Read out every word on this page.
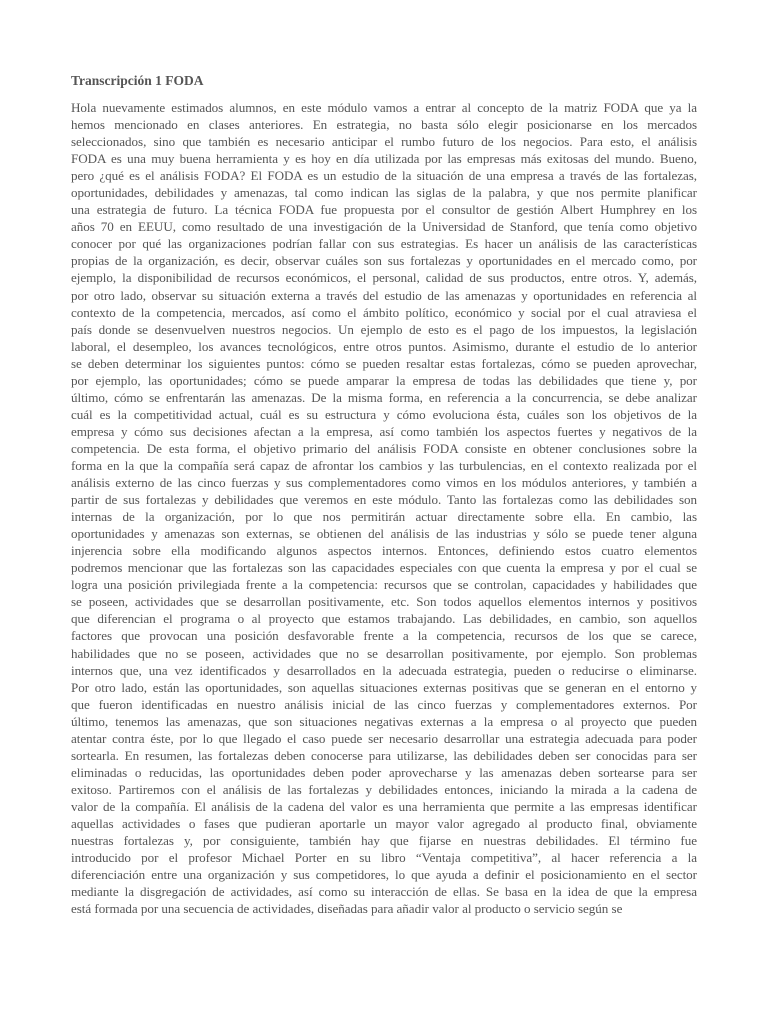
Transcripción 1 FODA
Hola nuevamente estimados alumnos, en este módulo vamos a entrar al concepto de la matriz FODA que ya la
hemos mencionado en clases anteriores. En estrategia, no basta sólo elegir posicionarse en los mercados
seleccionados, sino que también es necesario anticipar el rumbo futuro de los negocios. Para esto, el análisis
FODA es una muy buena herramienta y es hoy en día utilizada por las empresas más exitosas del mundo. Bueno,
pero ¿qué es el análisis FODA? El FODA es un estudio de la situación de una empresa a través de las fortalezas,
oportunidades, debilidades y amenazas, tal como indican las siglas de la palabra, y que nos permite planificar
una estrategia de futuro. La técnica FODA fue propuesta por el consultor de gestión Albert Humphrey en los
años 70 en EEUU, como resultado de una investigación de la Universidad de Stanford, que tenía como objetivo
conocer por qué las organizaciones podrían fallar con sus estrategias. Es hacer un análisis de las características
propias de la organización, es decir, observar cuáles son sus fortalezas y oportunidades en el mercado como, por
ejemplo, la disponibilidad de recursos económicos, el personal, calidad de sus productos, entre otros. Y, además,
por otro lado, observar su situación externa a través del estudio de las amenazas y oportunidades en referencia al
contexto de la competencia, mercados, así como el ámbito político, económico y social por el cual atraviesa el
país donde se desenvuelven nuestros negocios. Un ejemplo de esto es el pago de los impuestos, la legislación
laboral, el desempleo, los avances tecnológicos, entre otros puntos. Asimismo, durante el estudio de lo anterior
se deben determinar los siguientes puntos: cómo se pueden resaltar estas fortalezas, cómo se pueden aprovechar,
por ejemplo, las oportunidades; cómo se puede amparar la empresa de todas las debilidades que tiene y, por
último, cómo se enfrentarán las amenazas. De la misma forma, en referencia a la concurrencia, se debe analizar
cuál es la competitividad actual, cuál es su estructura y cómo evoluciona ésta, cuáles son los objetivos de la
empresa y cómo sus decisiones afectan a la empresa, así como también los aspectos fuertes y negativos de la
competencia. De esta forma, el objetivo primario del análisis FODA consiste en obtener conclusiones sobre la
forma en la que la compañía será capaz de afrontar los cambios y las turbulencias, en el contexto realizada por el
análisis externo de las cinco fuerzas y sus complementadores como vimos en los módulos anteriores, y también a
partir de sus fortalezas y debilidades que veremos en este módulo. Tanto las fortalezas como las debilidades son
internas de la organización, por lo que nos permitirán actuar directamente sobre ella. En cambio, las
oportunidades y amenazas son externas, se obtienen del análisis de las industrias y sólo se puede tener alguna
injerencia sobre ella modificando algunos aspectos internos. Entonces, definiendo estos cuatro elementos
podremos mencionar que las fortalezas son las capacidades especiales con que cuenta la empresa y por el cual se
logra una posición privilegiada frente a la competencia: recursos que se controlan, capacidades y habilidades que
se poseen, actividades que se desarrollan positivamente, etc. Son todos aquellos elementos internos y positivos
que diferencian el programa o al proyecto que estamos trabajando. Las debilidades, en cambio, son aquellos
factores que provocan una posición desfavorable frente a la competencia, recursos de los que se carece,
habilidades que no se poseen, actividades que no se desarrollan positivamente, por ejemplo. Son problemas
internos que, una vez identificados y desarrollados en la adecuada estrategia, pueden o reducirse o eliminarse.
Por otro lado, están las oportunidades, son aquellas situaciones externas positivas que se generan en el entorno y
que fueron identificadas en nuestro análisis inicial de las cinco fuerzas y complementadores externos. Por
último, tenemos las amenazas, que son situaciones negativas externas a la empresa o al proyecto que pueden
atentar contra éste, por lo que llegado el caso puede ser necesario desarrollar una estrategia adecuada para poder
sortearla. En resumen, las fortalezas deben conocerse para utilizarse, las debilidades deben ser conocidas para ser
eliminadas o reducidas, las oportunidades deben poder aprovecharse y las amenazas deben sortearse para ser
exitoso. Partiremos con el análisis de las fortalezas y debilidades entonces, iniciando la mirada a la cadena de
valor de la compañía. El análisis de la cadena del valor es una herramienta que permite a las empresas identificar
aquellas actividades o fases que pudieran aportarle un mayor valor agregado al producto final, obviamente
nuestras fortalezas y, por consiguiente, también hay que fijarse en nuestras debilidades. El término fue
introducido por el profesor Michael Porter en su libro “Ventaja competitiva”, al hacer referencia a la
diferenciación entre una organización y sus competidores, lo que ayuda a definir el posicionamiento en el sector
mediante la disgregación de actividades, así como su interacción de ellas. Se basa en la idea de que la empresa
está formada por una secuencia de actividades, diseñadas para añadir valor al producto o servicio según se
